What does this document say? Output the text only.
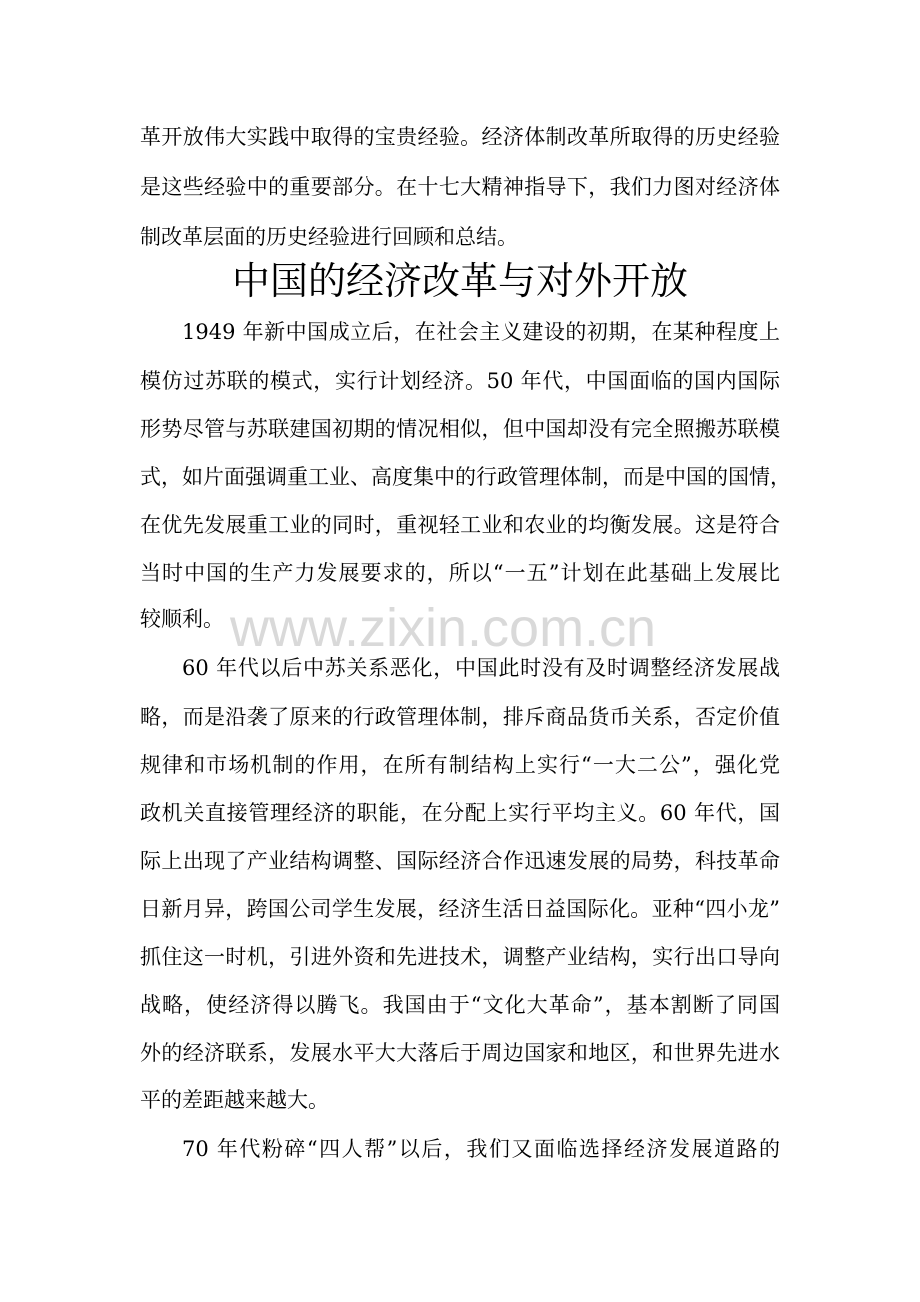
www.zixin.com.cn
革开放伟大实践中取得的宝贵经验。经济体制改革所取得的历史经验
是这些经验中的重要部分。在十七大精神指导下，我们力图对经济体
制改革层面的历史经验进行回顾和总结。
中国的经济改革与对外开放
1949 年新中国成立后，在社会主义建设的初期，在某种程度上
模仿过苏联的模式，实行计划经济。50 年代，中国面临的国内国际
形势尽管与苏联建国初期的情况相似，但中国却没有完全照搬苏联模
式，如片面强调重工业、高度集中的行政管理体制，而是中国的国情，
在优先发展重工业的同时，重视轻工业和农业的均衡发展。这是符合
当时中国的生产力发展要求的，所以“一五”计划在此基础上发展比
较顺利。
60 年代以后中苏关系恶化，中国此时没有及时调整经济发展战
略，而是沿袭了原来的行政管理体制，排斥商品货币关系，否定价值
规律和市场机制的作用，在所有制结构上实行“一大二公”，强化党
政机关直接管理经济的职能，在分配上实行平均主义。60 年代，国
际上出现了产业结构调整、国际经济合作迅速发展的局势，科技革命
日新月异，跨国公司学生发展，经济生活日益国际化。亚种“四小龙”
抓住这一时机，引进外资和先进技术，调整产业结构，实行出口导向
战略，使经济得以腾飞。我国由于“文化大革命”，基本割断了同国
外的经济联系，发展水平大大落后于周边国家和地区，和世界先进水
平的差距越来越大。
70 年代粉碎“四人帮”以后，我们又面临选择经济发展道路的
